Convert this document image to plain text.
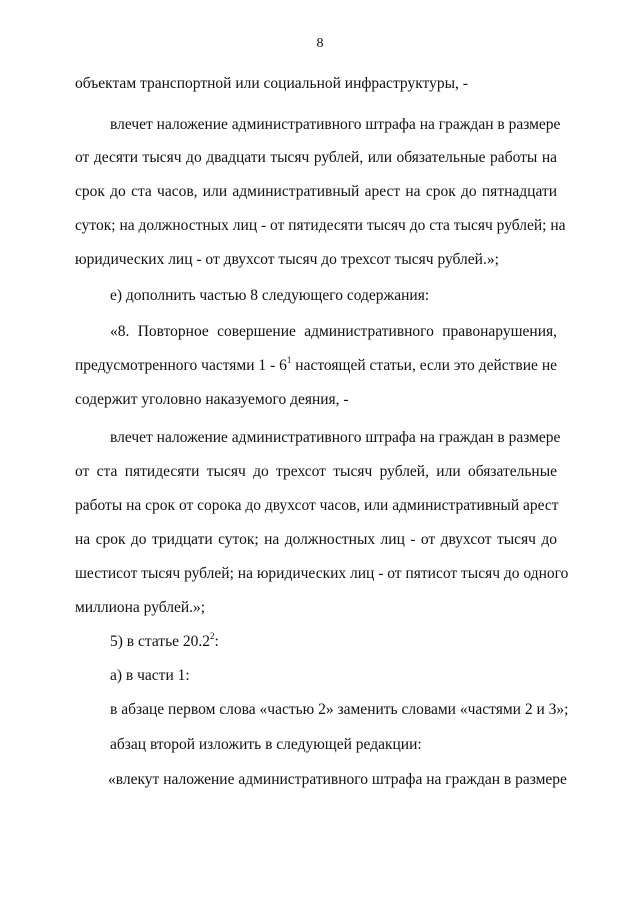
8
объектам транспортной или социальной инфраструктуры, -
влечет наложение административного штрафа на граждан в размере
от десяти тысяч до двадцати тысяч рублей, или обязательные работы на
срок до ста часов, или административный арест на срок до пятнадцати
суток; на должностных лиц - от пятидесяти тысяч до ста тысяч рублей; на
юридических лиц - от двухсот тысяч до трехсот тысяч рублей.»;
е) дополнить частью 8 следующего содержания:
«8. Повторное совершение административного правонарушения,
предусмотренного частями $1 - 6^1$ настоящей статьи, если это действие не
содержит уголовно наказуемого деяния, -
влечет наложение административного штрафа на граждан в размере
от ста пятидесяти тысяч до трехсот тысяч рублей, или обязательные
работы на срок от сорока до двухсот часов, или административный арест
на срок до тридцати суток; на должностных лиц - от двухсот тысяч до
шестисот тысяч рублей; на юридических лиц - от пятисот тысяч до одного
миллиона рублей.»;
5) в статье 20.2$^2$:
а) в части 1:
в абзаце первом слова «частью 2» заменить словами «частями 2 и 3»;
абзац второй изложить в следующей редакции:
«влекут наложение административного штрафа на граждан в размере
